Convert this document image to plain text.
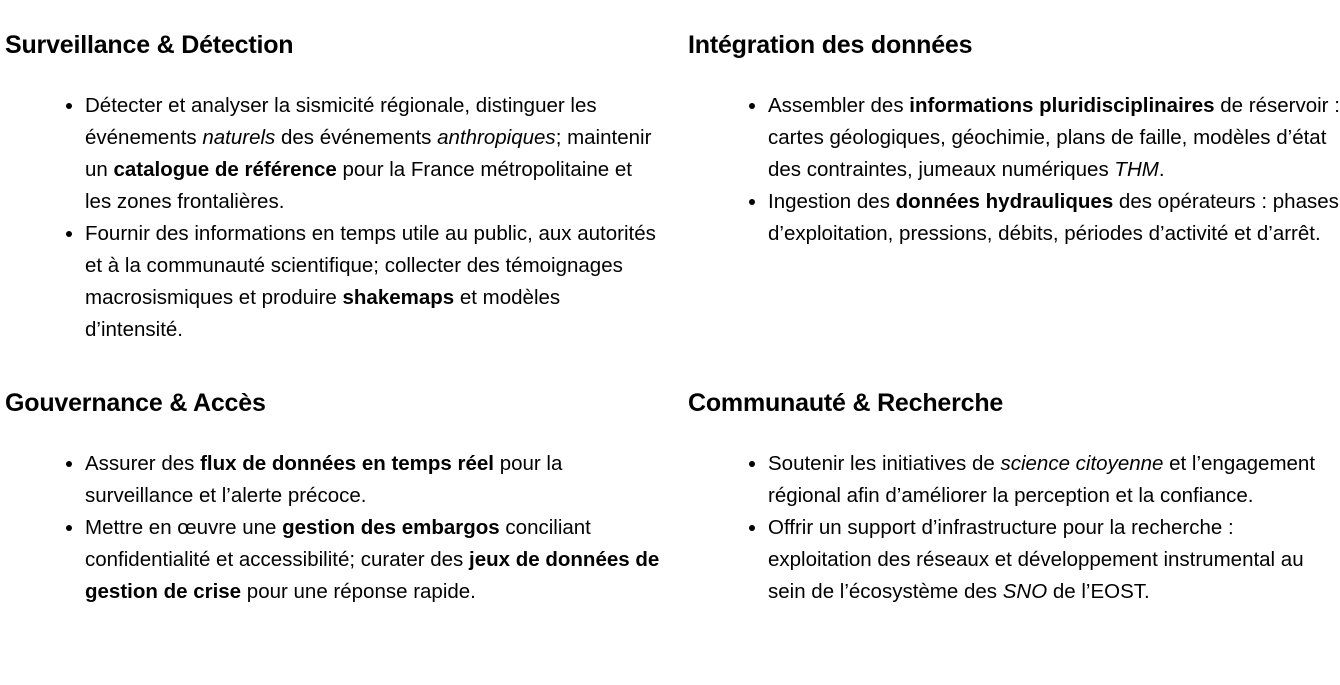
Surveillance & Détection
• Détecter et analyser la sismicité régionale, distinguer les événements naturels des événements anthropiques; maintenir un catalogue de référence pour la France métropolitaine et les zones frontalières.
• Fournir des informations en temps utile au public, aux autorités et à la communauté scientifique; collecter des témoignages macrosismiques et produire shakemaps et modèles d’intensité.
Intégration des données
• Assembler des informations pluridisciplinaires de réservoir : cartes géologiques, géochimie, plans de faille, modèles d’état des contraintes, jumeaux numériques THM.
• Ingestion des données hydrauliques des opérateurs : phases d’exploitation, pressions, débits, périodes d’activité et d’arrêt.
Gouvernance & Accès
• Assurer des flux de données en temps réel pour la surveillance et l’alerte précoce.
• Mettre en œuvre une gestion des embargos conciliant confidentialité et accessibilité; curater des jeux de données de gestion de crise pour une réponse rapide.
Communauté & Recherche
• Soutenir les initiatives de science citoyenne et l’engagement régional afin d’améliorer la perception et la confiance.
• Offrir un support d’infrastructure pour la recherche : exploitation des réseaux et développement instrumental au sein de l’écosystème des SNO de l’EOST.
